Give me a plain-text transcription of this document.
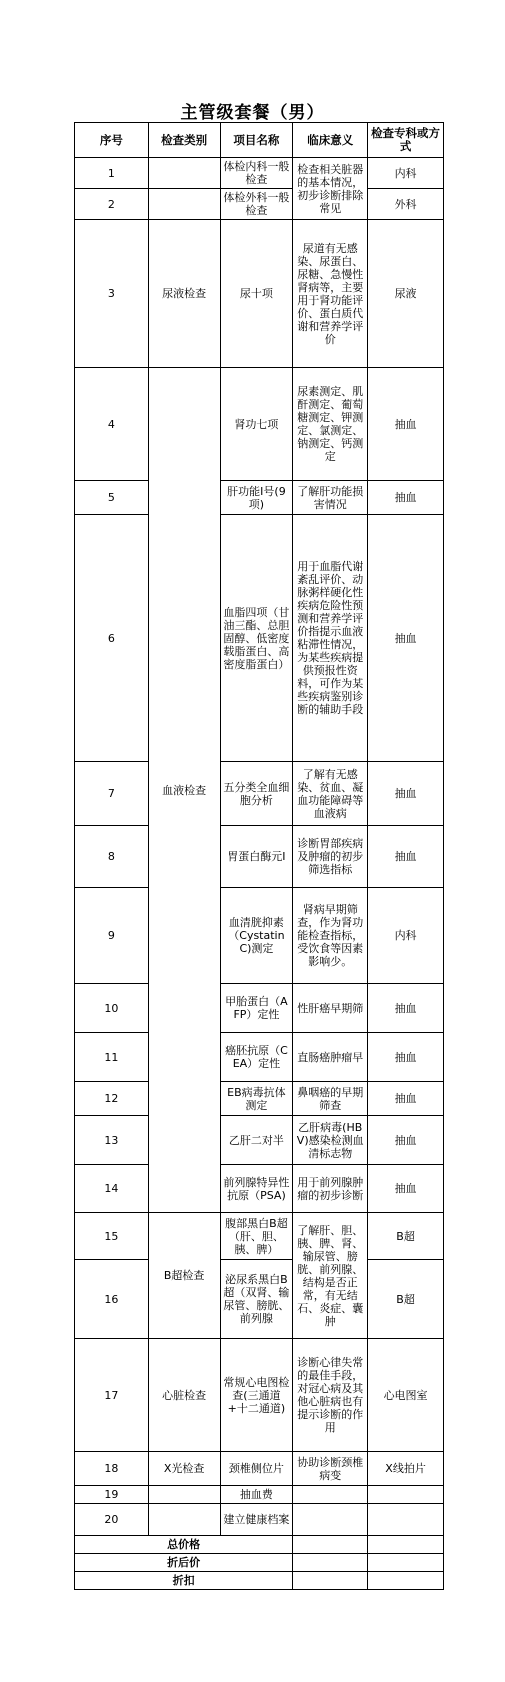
主管级套餐（男）
序号	检查类别	项目名称	临床意义	检查专科或方式
1		体检内科一般检查	检查相关脏器的基本情况，初步诊断排除常见	内科
2		体检外科一般检查		外科
3	尿液检查	尿十项	尿道有无感染、尿蛋白、尿糖、急慢性肾病等，主要用于肾功能评价、蛋白质代谢和营养学评价	尿液
4	血液检查	肾功七项	尿素测定、肌酐测定、葡萄糖测定、钾测定、氯测定、钠测定、钙测定	抽血
5		肝功能I号(9项)	了解肝功能损害情况	抽血
6		血脂四项（甘油三酯、总胆固醇、低密度载脂蛋白、高密度脂蛋白）	用于血脂代谢紊乱评价、动脉粥样硬化性疾病危险性预测和营养学评价指提示血液粘滞性情况，为某些疾病提供预报性资料，可作为某些疾病鉴别诊断的辅助手段	抽血
7		五分类全血细胞分析	了解有无感染、贫血、凝血功能障碍等血液病	抽血
8		胃蛋白酶元I	诊断胃部疾病及肿瘤的初步筛选指标	抽血
9		血清胱抑素（Cystatin C)测定	肾病早期筛查，作为肾功能检查指标，受饮食等因素影响少。	内科
10		甲胎蛋白（AFP）定性	性肝癌早期筛	抽血
11		癌胚抗原（CEA）定性	直肠癌肿瘤早	抽血
12		EB病毒抗体测定	鼻咽癌的早期筛查	抽血
13		乙肝二对半	乙肝病毒(HBV)感染检测血清标志物	抽血
14		前列腺特异性抗原（PSA)	用于前列腺肿瘤的初步诊断	抽血
15	B超检查	腹部黑白B超（肝、胆、胰、脾）	了解肝、胆、胰、脾、肾、输尿管、膀胱、前列腺、结构是否正常，有无结石、炎症、囊肿	B超
16		泌尿系黑白B超（双肾、输尿管、膀胱、前列腺		B超
17	心脏检查	常规心电图检查(三通道+十二通道)	诊断心律失常的最佳手段，对冠心病及其他心脏病也有提示诊断的作用	心电图室
18	X光检查	颈椎侧位片	协助诊断颈椎病变	X线拍片
19		抽血费		
20		建立健康档案		
总价格				
折后价				
折扣				
